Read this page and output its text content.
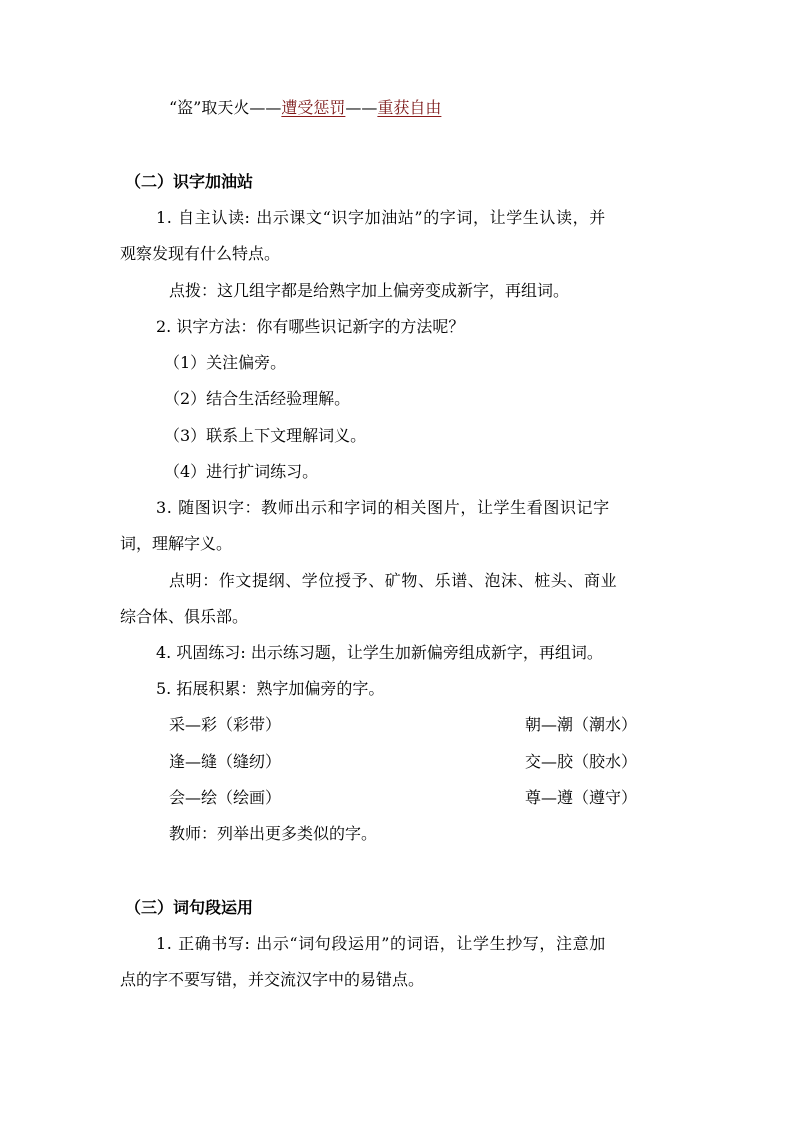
“盗”取天火——遭受惩罚——重获自由
（二）识字加油站
1. 自主认读: 出示课文“识字加油站”的字词，让学生认读，并
观察发现有什么特点。
点拨：这几组字都是给熟字加上偏旁变成新字，再组词。
2. 识字方法：你有哪些识记新字的方法呢？
（1）关注偏旁。
（2）结合生活经验理解。
（3）联系上下文理解词义。
（4）进行扩词练习。
3. 随图识字：教师出示和字词的相关图片，让学生看图识记字
词，理解字义。
点明：作文提纲、学位授予、矿物、乐谱、泡沫、桩头、商业
综合体、俱乐部。
4. 巩固练习: 出示练习题，让学生加新偏旁组成新字，再组词。
5. 拓展积累：熟字加偏旁的字。
采—彩（彩带）	朝—潮（潮水）
逢—缝（缝纫）	交—胶（胶水）
会—绘（绘画）	尊—遵（遵守）
教师：列举出更多类似的字。
（三）词句段运用
1. 正确书写: 出示“词句段运用”的词语，让学生抄写，注意加
点的字不要写错，并交流汉字中的易错点。
